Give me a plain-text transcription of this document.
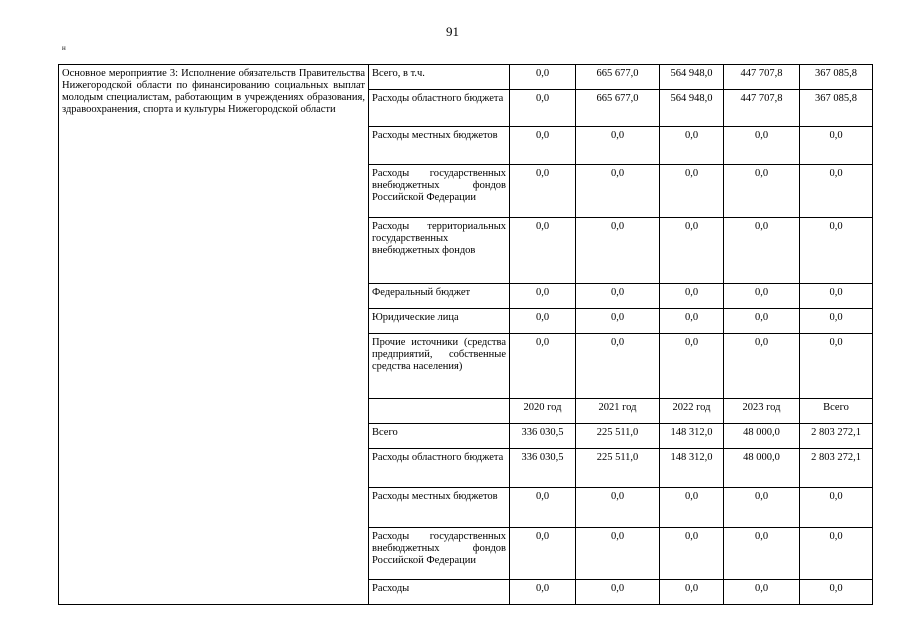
91
н
Основное мероприятие 3: Исполнение обязательств Правительства Нижегородской области по финансированию социальных выплат молодым специалистам, работающим в учреждениях образования, здравоохранения, спорта и культуры Нижегородской области	Всего, в т.ч.	0,0	665 677,0	564 948,0	447 707,8	367 085,8
	Расходы областного бюджета	0,0	665 677,0	564 948,0	447 707,8	367 085,8
	Расходы местных бюджетов	0,0	0,0	0,0	0,0	0,0
	Расходы государственных внебюджетных фондов Российской Федерации	0,0	0,0	0,0	0,0	0,0
	Расходы территориальных государственных внебюджетных фондов	0,0	0,0	0,0	0,0	0,0
	Федеральный бюджет	0,0	0,0	0,0	0,0	0,0
	Юридические лица	0,0	0,0	0,0	0,0	0,0
	Прочие источники (средства предприятий, собственные средства населения)	0,0	0,0	0,0	0,0	0,0
		2020 год	2021 год	2022 год	2023 год	Всего
	Всего	336 030,5	225 511,0	148 312,0	48 000,0	2 803 272,1
	Расходы областного бюджета	336 030,5	225 511,0	148 312,0	48 000,0	2 803 272,1
	Расходы местных бюджетов	0,0	0,0	0,0	0,0	0,0
	Расходы государственных внебюджетных фондов Российской Федерации	0,0	0,0	0,0	0,0	0,0
	Расходы	0,0	0,0	0,0	0,0	0,0
